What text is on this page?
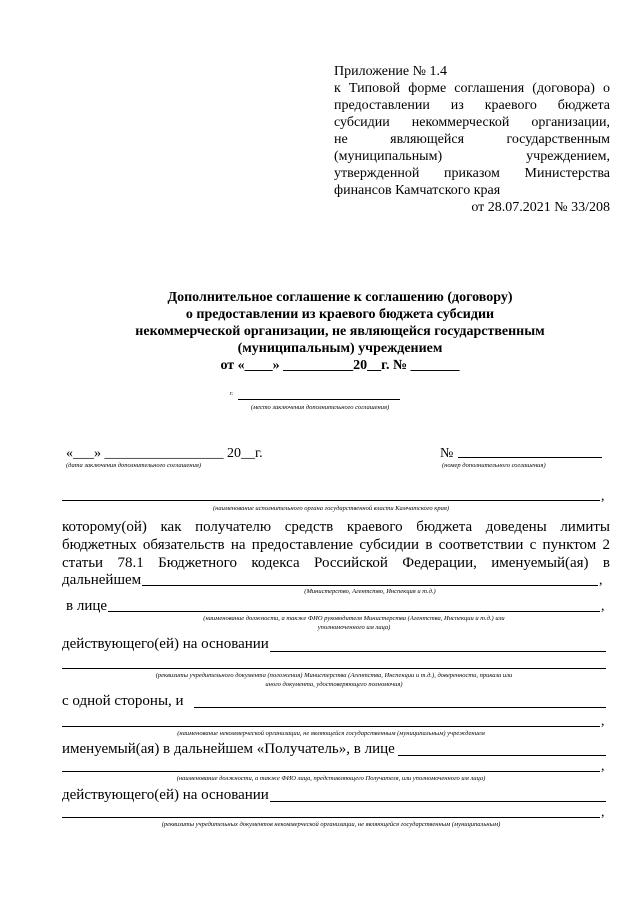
Приложение № 1.4
к Типовой форме соглашения (договора) о
предоставлении из краевого бюджета
субсидии некоммерческой организации,
не являющейся государственным
(муниципальным) учреждением,
утвержденной приказом Министерства
финансов Камчатского края
от 28.07.2021 № 33/208
Дополнительное соглашение к соглашению (договору)
о предоставлении из краевого бюджета субсидии
некоммерческой организации, не являющейся государственным
(муниципальным) учреждением
от «____» __________20__г. № _______
г.
(место заключения дополнительного соглашения)
«___» _________________ 20__г.
(дата заключения дополнительного соглашения)
№
(номер дополнительного соглашения)
,
(наименование исполнительного органа государственной власти Камчатского края)
которому(ой) как получателю средств краевого бюджета доведены лимиты
бюджетных обязательств на предоставление субсидии в соответствии с пунктом 2
статьи 78.1 Бюджетного кодекса Российской Федерации, именуемый(ая) в
дальнейшем	,
(Министерство, Агентство, Инспекция и т.д.)
в лице	,
(наименование должности, а также ФИО руководителя Министерства (Агентства, Инспекции и т.д.) или
уполномоченного им лица)
действующего(ей) на основании
(реквизиты учредительного документа (положения) Министерства (Агентства, Инспекции и т.д.), доверенности, приказа или
иного документа, удостоверяющего полномочия)
с одной стороны, и
,
(наименование некоммерческой организации, не являющейся государственным (муниципальным) учреждением
именуемый(ая) в дальнейшем «Получатель», в лице
,
(наименование должности, а также ФИО лица, представляющего Получателя, или уполномоченного им лица)
действующего(ей) на основании
,
(реквизиты учредительных документов некоммерческой организации, не являющейся государственным (муниципальным)
